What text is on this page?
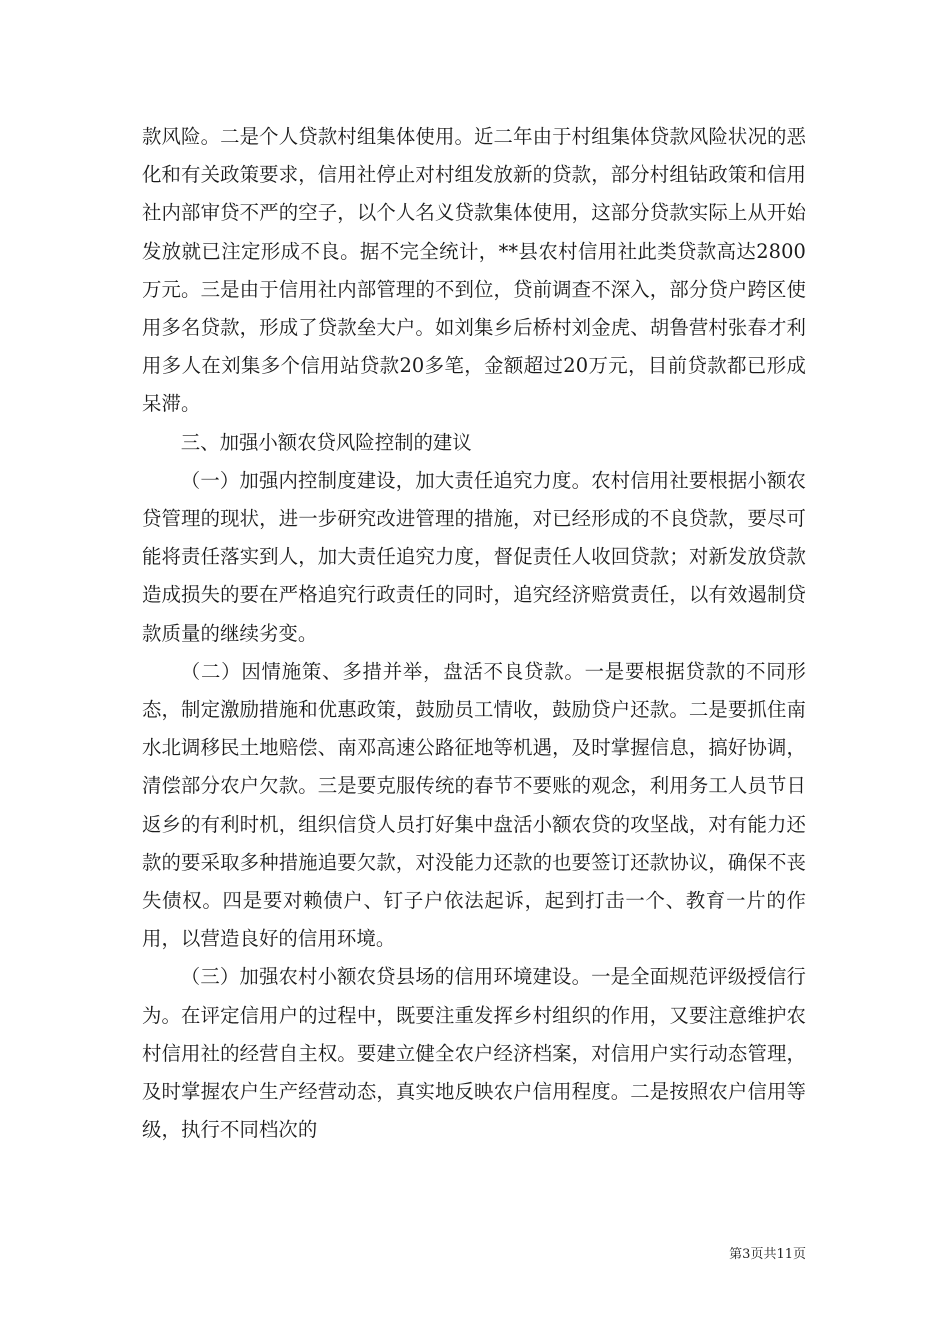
款风险。二是个人贷款村组集体使用。近二年由于村组集体贷款风险状况的恶化和有关政策要求，信用社停止对村组发放新的贷款，部分村组钻政策和信用社内部审贷不严的空子，以个人名义贷款集体使用，这部分贷款实际上从开始发放就已注定形成不良。据不完全统计，**县农村信用社此类贷款高达2800万元。三是由于信用社内部管理的不到位，贷前调查不深入，部分贷户跨区使用多名贷款，形成了贷款垒大户。如刘集乡后桥村刘金虎、胡鲁营村张春才利用多人在刘集多个信用站贷款20多笔，金额超过20万元，目前贷款都已形成呆滞。

三、加强小额农贷风险控制的建议

（一）加强内控制度建设，加大责任追究力度。农村信用社要根据小额农贷管理的现状，进一步研究改进管理的措施，对已经形成的不良贷款，要尽可能将责任落实到人，加大责任追究力度，督促责任人收回贷款；对新发放贷款造成损失的要在严格追究行政责任的同时，追究经济赔赏责任，以有效遏制贷款质量的继续劣变。

（二）因情施策、多措并举，盘活不良贷款。一是要根据贷款的不同形态，制定激励措施和优惠政策，鼓励员工情收，鼓励贷户还款。二是要抓住南水北调移民土地赔偿、南邓高速公路征地等机遇，及时掌握信息，搞好协调，清偿部分农户欠款。三是要克服传统的春节不要账的观念，利用务工人员节日返乡的有利时机，组织信贷人员打好集中盘活小额农贷的攻坚战，对有能力还款的要采取多种措施追要欠款，对没能力还款的也要签订还款协议，确保不丧失债权。四是要对赖债户、钉子户依法起诉，起到打击一个、教育一片的作用，以营造良好的信用环境。

（三）加强农村小额农贷县场的信用环境建设。一是全面规范评级授信行为。在评定信用户的过程中，既要注重发挥乡村组织的作用，又要注意维护农村信用社的经营自主权。要建立健全农户经济档案，对信用户实行动态管理，及时掌握农户生产经营动态，真实地反映农户信用程度。二是按照农户信用等级，执行不同档次的

第3页共11页
